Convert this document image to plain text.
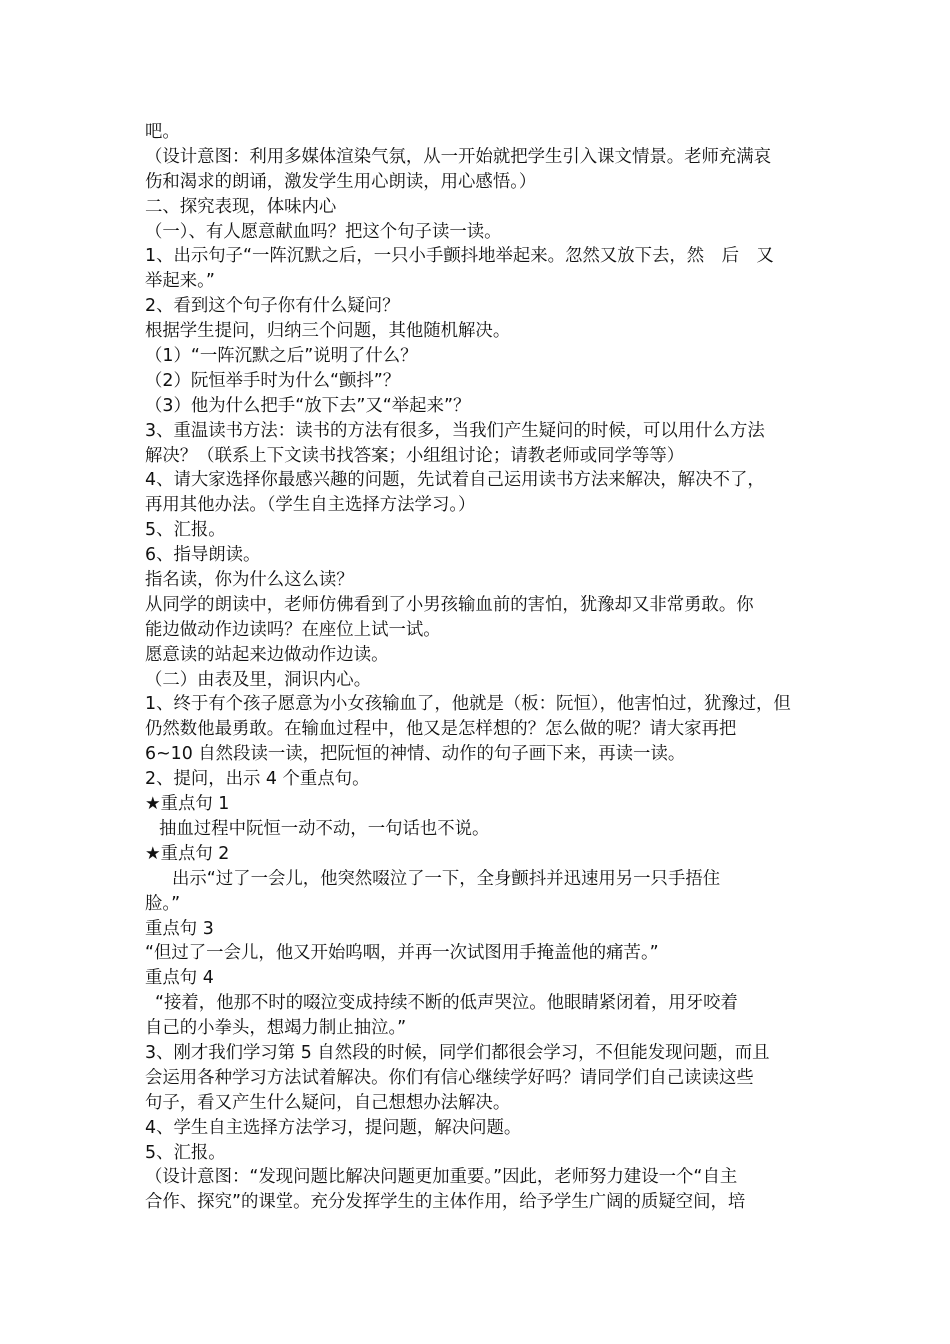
吧。
（设计意图：利用多媒体渲染气氛，从一开始就把学生引入课文情景。老师充满哀
伤和渴求的朗诵，激发学生用心朗读，用心感悟。）
二、探究表现，体味内心
（一）、有人愿意献血吗？把这个句子读一读。
1、出示句子“一阵沉默之后，一只小手颤抖地举起来。忽然又放下去，然　后　又
举起来。”
2、看到这个句子你有什么疑问？
根据学生提问，归纳三个问题，其他随机解决。
（1）“一阵沉默之后”说明了什么？
（2）阮恒举手时为什么“颤抖”？
（3）他为什么把手“放下去”又“举起来”？
3、重温读书方法：读书的方法有很多，当我们产生疑问的时候，可以用什么方法
解决？（联系上下文读书找答案；小组组讨论；请教老师或同学等等）
4、请大家选择你最感兴趣的问题，先试着自己运用读书方法来解决，解决不了，
再用其他办法。（学生自主选择方法学习。）
5、汇报。
6、指导朗读。
指名读，你为什么这么读？
从同学的朗读中，老师仿佛看到了小男孩输血前的害怕，犹豫却又非常勇敢。你
能边做动作边读吗？在座位上试一试。
愿意读的站起来边做动作边读。
（二）由表及里，洞识内心。
1、终于有个孩子愿意为小女孩输血了，他就是（板：阮恒），他害怕过，犹豫过，但
仍然数他最勇敢。在输血过程中，他又是怎样想的？怎么做的呢？请大家再把
6~10 自然段读一读，把阮恒的神情、动作的句子画下来，再读一读。
2、提问，出示 4 个重点句。
★重点句 1
抽血过程中阮恒一动不动，一句话也不说。
★重点句 2
出示“过了一会儿，他突然啜泣了一下，全身颤抖并迅速用另一只手捂住
脸。”
重点句 3
“但过了一会儿，他又开始呜咽，并再一次试图用手掩盖他的痛苦。”
重点句 4
“接着，他那不时的啜泣变成持续不断的低声哭泣。他眼睛紧闭着，用牙咬着
自己的小拳头，想竭力制止抽泣。”
3、刚才我们学习第 5 自然段的时候，同学们都很会学习，不但能发现问题，而且
会运用各种学习方法试着解决。你们有信心继续学好吗？请同学们自己读读这些
句子，看又产生什么疑问，自己想想办法解决。
4、学生自主选择方法学习，提问题，解决问题。
5、汇报。
（设计意图：“发现问题比解决问题更加重要。”因此，老师努力建设一个“自主
合作、探究”的课堂。充分发挥学生的主体作用，给予学生广阔的质疑空间，培
